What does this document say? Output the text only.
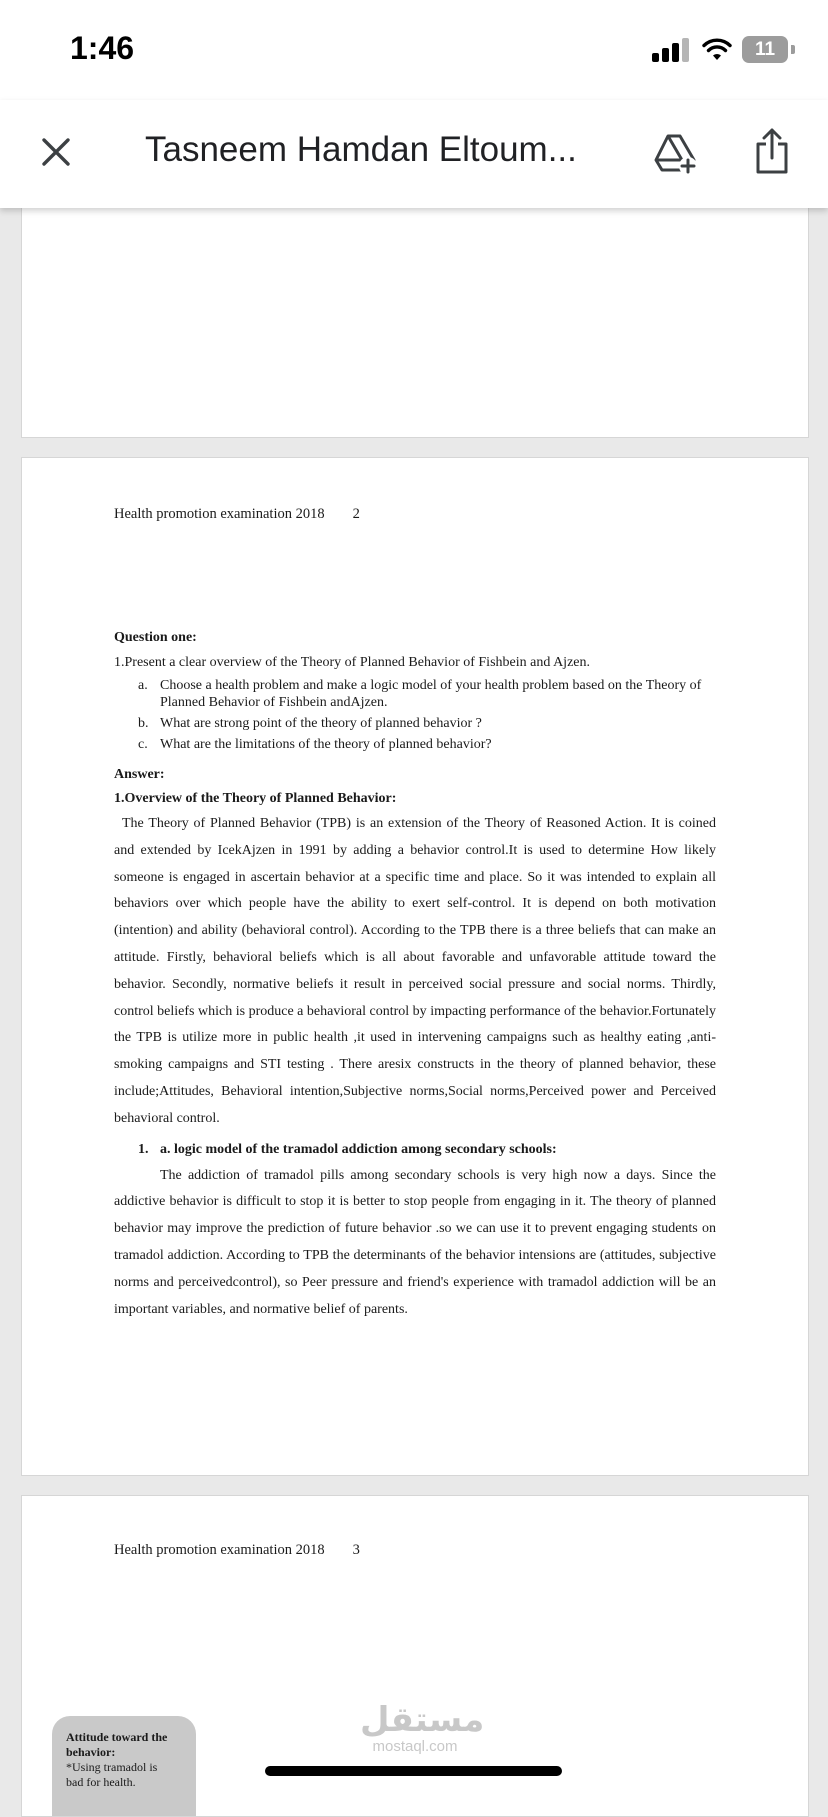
1:46	11
Tasneem Hamdan Eltoum...
Health promotion examination 2018 2

Question one:

1.Present a clear overview of the Theory of Planned Behavior of Fishbein and Ajzen.

a. Choose a health problem and make a logic model of your health problem based on the Theory of Planned Behavior of Fishbein andAjzen.
b. What are strong point of the theory of planned behavior ?
c. What are the limitations of the theory of planned behavior?

Answer:

1.Overview of the Theory of Planned Behavior:

The Theory of Planned Behavior (TPB) is an extension of the Theory of Reasoned Action. It is coined and extended by IcekAjzen in 1991 by adding a behavior control.It is used to determine How likely someone is engaged in ascertain behavior at a specific time and place. So it was intended to explain all behaviors over which people have the ability to exert self-control. It is depend on both motivation (intention) and ability (behavioral control). According to the TPB there is a three beliefs that can make an attitude. Firstly, behavioral beliefs which is all about favorable and unfavorable attitude toward the behavior. Secondly, normative beliefs it result in perceived social pressure and social norms. Thirdly, control beliefs which is produce a behavioral control by impacting performance of the behavior.Fortunately the TPB is utilize more in public health ,it used in intervening campaigns such as healthy eating ,anti-smoking campaigns and STI testing . There aresix constructs in the theory of planned behavior, these include;Attitudes, Behavioral intention,Subjective norms,Social norms,Perceived power and Perceived behavioral control.

1. a. logic model of the tramadol addiction among secondary schools:

The addiction of tramadol pills among secondary schools is very high now a days. Since the addictive behavior is difficult to stop it is better to stop people from engaging in it. The theory of planned behavior may improve the prediction of future behavior .so we can use it to prevent engaging students on tramadol addiction. According to TPB the determinants of the behavior intensions are (attitudes, subjective norms and perceivedcontrol), so Peer pressure and friend's experience with tramadol addiction will be an important variables, and normative belief of parents.

Health promotion examination 2018 3
Attitude toward the behavior:
*Using tramadol is
bad for health.
مستقل
mostaql.com
